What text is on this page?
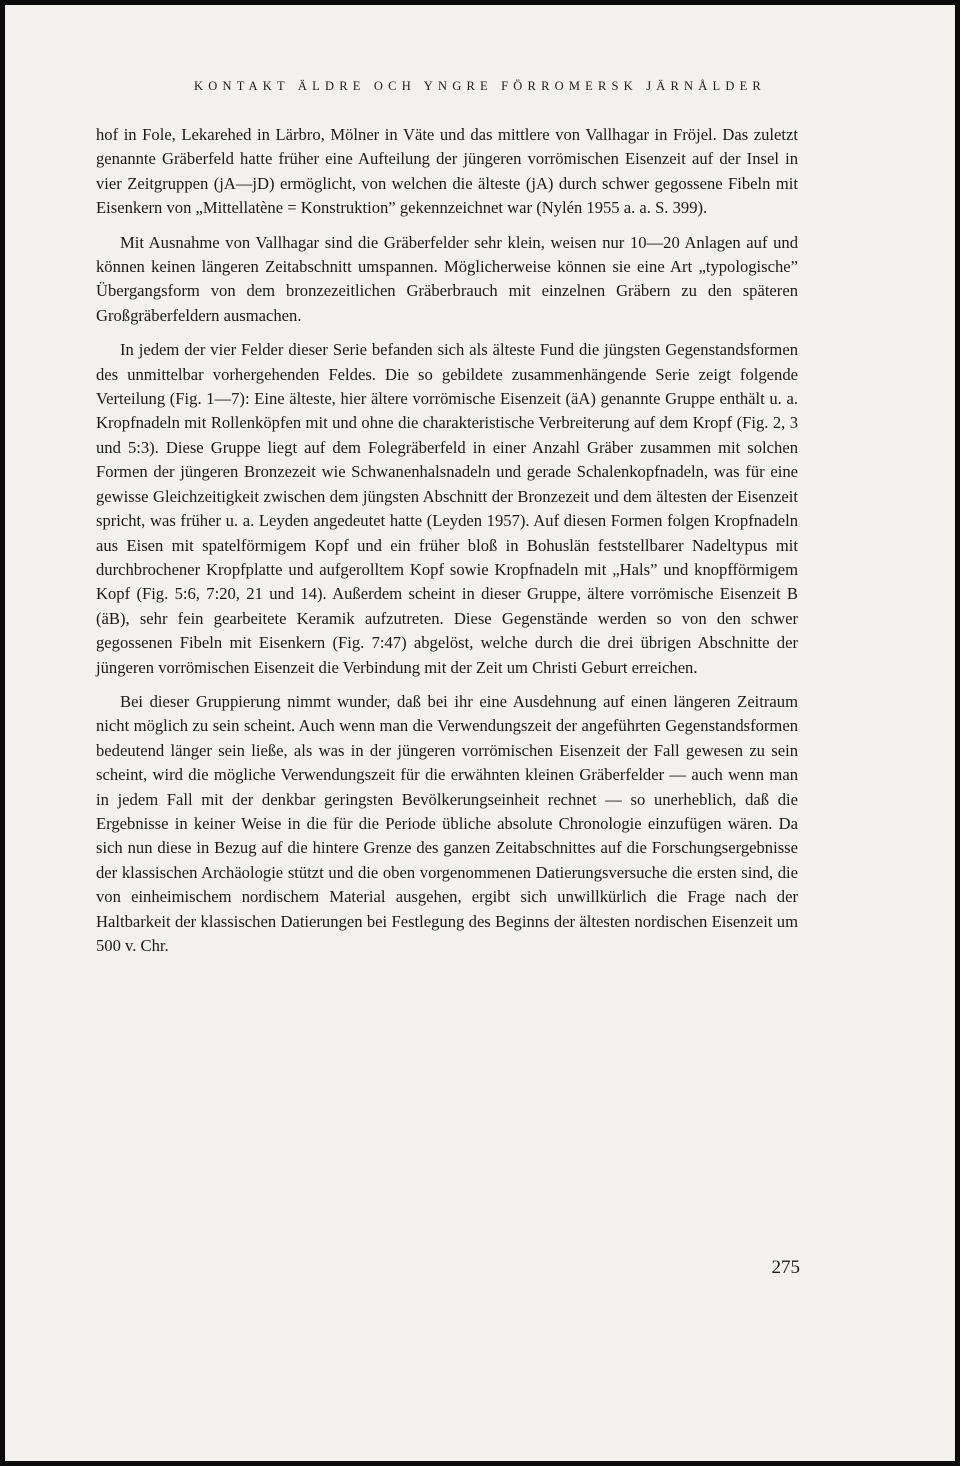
KONTAKT ÄLDRE OCH YNGRE FÖRROMERSK JÄRNÅLDER

hof in Fole, Lekarehed in Lärbro, Mölner in Väte und das mittlere von Vallhagar in Fröjel. Das zuletzt genannte Gräberfeld hatte früher eine Aufteilung der jüngeren vorrömischen Eisenzeit auf der Insel in vier Zeitgruppen (jA—jD) ermöglicht, von welchen die älteste (jA) durch schwer gegossene Fibeln mit Eisenkern von „Mittellatène = Konstruktion” gekennzeichnet war (Nylén 1955 a. a. S. 399).

Mit Ausnahme von Vallhagar sind die Gräberfelder sehr klein, weisen nur 10—20 Anlagen auf und können keinen längeren Zeitabschnitt umspannen. Möglicherweise können sie eine Art „typologische” Übergangsform von dem bronzezeitlichen Gräberbrauch mit einzelnen Gräbern zu den späteren Großgräberfeldern ausmachen.

In jedem der vier Felder dieser Serie befanden sich als älteste Fund die jüngsten Gegenstandsformen des unmittelbar vorhergehenden Feldes. Die so gebildete zusammenhängende Serie zeigt folgende Verteilung (Fig. 1—7): Eine älteste, hier ältere vorrömische Eisenzeit (äA) genannte Gruppe enthält u. a. Kropfnadeln mit Rollenköpfen mit und ohne die charakteristische Verbreiterung auf dem Kropf (Fig. 2, 3 und 5:3). Diese Gruppe liegt auf dem Folegräberfeld in einer Anzahl Gräber zusammen mit solchen Formen der jüngeren Bronzezeit wie Schwanenhalsnadeln und gerade Schalenkopfnadeln, was für eine gewisse Gleichzeitigkeit zwischen dem jüngsten Abschnitt der Bronzezeit und dem ältesten der Eisenzeit spricht, was früher u. a. Leyden angedeutet hatte (Leyden 1957). Auf diesen Formen folgen Kropfnadeln aus Eisen mit spatelförmigem Kopf und ein früher bloß in Bohuslän feststellbarer Nadeltypus mit durchbrochener Kropfplatte und aufgerolltem Kopf sowie Kropfnadeln mit „Hals” und knopfförmigem Kopf (Fig. 5:6, 7:20, 21 und 14). Außerdem scheint in dieser Gruppe, ältere vorrömische Eisenzeit B (äB), sehr fein gearbeitete Keramik aufzutreten. Diese Gegenstände werden so von den schwer gegossenen Fibeln mit Eisenkern (Fig. 7:47) abgelöst, welche durch die drei übrigen Abschnitte der jüngeren vorrömischen Eisenzeit die Verbindung mit der Zeit um Christi Geburt erreichen.

Bei dieser Gruppierung nimmt wunder, daß bei ihr eine Ausdehnung auf einen längeren Zeitraum nicht möglich zu sein scheint. Auch wenn man die Verwendungszeit der angeführten Gegenstandsformen bedeutend länger sein ließe, als was in der jüngeren vorrömischen Eisenzeit der Fall gewesen zu sein scheint, wird die mögliche Verwendungszeit für die erwähnten kleinen Gräberfelder — auch wenn man in jedem Fall mit der denkbar geringsten Bevölkerungseinheit rechnet — so unerheblich, daß die Ergebnisse in keiner Weise in die für die Periode übliche absolute Chronologie einzufügen wären. Da sich nun diese in Bezug auf die hintere Grenze des ganzen Zeitabschnittes auf die Forschungsergebnisse der klassischen Archäologie stützt und die oben vorgenommenen Datierungsversuche die ersten sind, die von einheimischem nordischem Material ausgehen, ergibt sich unwillkürlich die Frage nach der Haltbarkeit der klassischen Datierungen bei Festlegung des Beginns der ältesten nordischen Eisenzeit um 500 v. Chr.

275
